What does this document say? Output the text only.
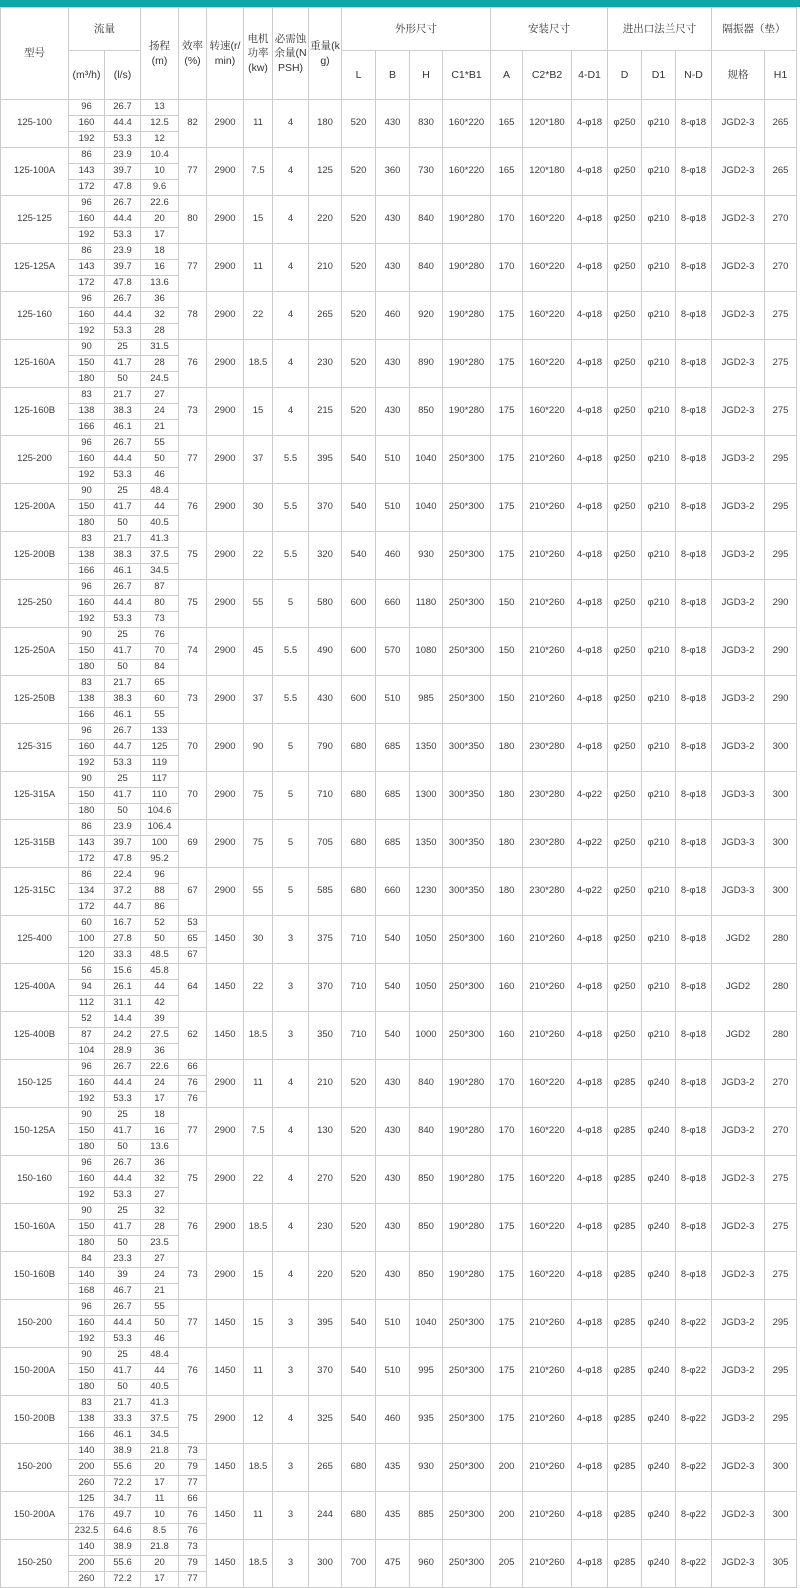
型号	流量		扬程(m)	效率(%)	转速(r/min)	电机功率(kw)	必需蚀余量(NPSH)	重量(kg)	外形尺寸				安装尺寸			进出口法兰尺寸			隔振器（垫）	
	(m³/h)	(l/s)							L	B	H	C1*B1	A	C2*B2	4-D1	D	D1	N-D	规格	H1
125-100	96	26.7	13	82	2900	11	4	180	520	430	830	160*220	165	120*180	4-φ18	φ250	φ210	8-φ18	JGD2-3	265
	160	44.4	12.5																	
	192	53.3	12																	
125-100A	86	23.9	10.4	77	2900	7.5	4	125	520	360	730	160*220	165	120*180	4-φ18	φ250	φ210	8-φ18	JGD2-3	265
	143	39.7	10																	
	172	47.8	9.6																	
125-125	96	26.7	22.6	80	2900	15	4	220	520	430	840	190*280	170	160*220	4-φ18	φ250	φ210	8-φ18	JGD2-3	270
	160	44.4	20																	
	192	53.3	17																	
125-125A	86	23.9	18	77	2900	11	4	210	520	430	840	190*280	170	160*220	4-φ18	φ250	φ210	8-φ18	JGD2-3	270
	143	39.7	16																	
	172	47.8	13.6																	
125-160	96	26.7	36	78	2900	22	4	265	520	460	920	190*280	175	160*220	4-φ18	φ250	φ210	8-φ18	JGD2-3	275
	160	44.4	32																	
	192	53.3	28																	
125-160A	90	25	31.5	76	2900	18.5	4	230	520	430	890	190*280	175	160*220	4-φ18	φ250	φ210	8-φ18	JGD2-3	275
	150	41.7	28																	
	180	50	24.5																	
125-160B	83	21.7	27	73	2900	15	4	215	520	430	850	190*280	175	160*220	4-φ18	φ250	φ210	8-φ18	JGD2-3	275
	138	38.3	24																	
	166	46.1	21																	
125-200	96	26.7	55	77	2900	37	5.5	395	540	510	1040	250*300	175	210*260	4-φ18	φ250	φ210	8-φ18	JGD3-2	295
	160	44.4	50																	
	192	53.3	46																	
125-200A	90	25	48.4	76	2900	30	5.5	370	540	510	1040	250*300	175	210*260	4-φ18	φ250	φ210	8-φ18	JGD3-2	295
	150	41.7	44																	
	180	50	40.5																	
125-200B	83	21.7	41.3	75	2900	22	5.5	320	540	460	930	250*300	175	210*260	4-φ18	φ250	φ210	8-φ18	JGD3-2	295
	138	38.3	37.5																	
	166	46.1	34.5																	
125-250	96	26.7	87	75	2900	55	5	580	600	660	1180	250*300	150	210*260	4-φ18	φ250	φ210	8-φ18	JGD3-2	290
	160	44.4	80																	
	192	53.3	73																	
125-250A	90	25	76	74	2900	45	5.5	490	600	570	1080	250*300	150	210*260	4-φ18	φ250	φ210	8-φ18	JGD3-2	290
	150	41.7	70																	
	180	50	84																	
125-250B	83	21.7	65	73	2900	37	5.5	430	600	510	985	250*300	150	210*260	4-φ18	φ250	φ210	8-φ18	JGD3-2	290
	138	38.3	60																	
	166	46.1	55																	
125-315	96	26.7	133	70	2900	90	5	790	680	685	1350	300*350	180	230*280	4-φ18	φ250	φ210	8-φ18	JGD3-2	300
	160	44.7	125																	
	192	53.3	119																	
125-315A	90	25	117	70	2900	75	5	710	680	685	1300	300*350	180	230*280	4-φ22	φ250	φ210	8-φ18	JGD3-3	300
	150	41.7	110																	
	180	50	104.6																	
125-315B	86	23.9	106.4	69	2900	75	5	705	680	685	1350	300*350	180	230*280	4-φ22	φ250	φ210	8-φ18	JGD3-3	300
	143	39.7	100																	
	172	47.8	95.2																	
125-315C	86	22.4	96	67	2900	55	5	585	680	660	1230	300*350	180	230*280	4-φ22	φ250	φ210	8-φ18	JGD3-3	300
	134	37.2	88																	
	172	44.7	86																	
125-400	60	16.7	52	53	1450	30	3	375	710	540	1050	250*300	160	210*260	4-φ18	φ250	φ210	8-φ18	JGD2	280
	100	27.8	50	65																
	120	33.3	48.5	67																
125-400A	56	15.6	45.8	64	1450	22	3	370	710	540	1050	250*300	160	210*260	4-φ18	φ250	φ210	8-φ18	JGD2	280
	94	26.1	44																	
	112	31.1	42																	
125-400B	52	14.4	39	62	1450	18.5	3	350	710	540	1000	250*300	160	210*260	4-φ18	φ250	φ210	8-φ18	JGD2	280
	87	24.2	27.5																	
	104	28.9	36																	
150-125	96	26.7	22.6	66	2900	11	4	210	520	430	840	190*280	170	160*220	4-φ18	φ285	φ240	8-φ18	JGD3-2	270
	160	44.4	24	76																
	192	53.3	17	76																
150-125A	90	25	18	77	2900	7.5	4	130	520	430	840	190*280	170	160*220	4-φ18	φ285	φ240	8-φ18	JGD3-2	270
	150	41.7	16																	
	180	50	13.6																	
150-160	96	26.7	36	75	2900	22	4	270	520	430	850	190*280	175	160*220	4-φ18	φ285	φ240	8-φ18	JGD2-3	275
	160	44.4	32																	
	192	53.3	27																	
150-160A	90	25	32	76	2900	18.5	4	230	520	430	850	190*280	175	160*220	4-φ18	φ285	φ240	8-φ18	JGD2-3	275
	150	41.7	28																	
	180	50	23.5																	
150-160B	84	23.3	27	73	2900	15	4	220	520	430	850	190*280	175	160*220	4-φ18	φ285	φ240	8-φ18	JGD2-3	275
	140	39	24																	
	168	46.7	21																	
150-200	96	26.7	55	77	1450	15	3	395	540	510	1040	250*300	175	210*260	4-φ18	φ285	φ240	8-φ22	JGD3-2	295
	160	44.4	50																	
	192	53.3	46																	
150-200A	90	25	48.4	76	1450	11	3	370	540	510	995	250*300	175	210*260	4-φ18	φ285	φ240	8-φ22	JGD3-2	295
	150	41.7	44																	
	180	50	40.5																	
150-200B	83	21.7	41.3	75	2900	12	4	325	540	460	935	250*300	175	210*260	4-φ18	φ285	φ240	8-φ22	JGD3-2	295
	138	33.3	37.5																	
	166	46.1	34.5																	
150-200	140	38.9	21.8	73	1450	18.5	3	265	680	435	930	250*300	200	210*260	4-φ18	φ285	φ240	8-φ22	JGD2-3	300
	200	55.6	20	79																
	260	72.2	17	77																
150-200A	125	34.7	11	66	1450	11	3	244	680	435	885	250*300	200	210*260	4-φ18	φ285	φ240	8-φ22	JGD2-3	300
	176	49.7	10	76																
	232.5	64.6	8.5	76																
150-250	140	38.9	21.8	73	1450	18.5	3	300	700	475	960	250*300	205	210*260	4-φ18	φ285	φ240	8-φ22	JGD2-3	305
	200	55.6	20	79																
	260	72.2	17	77																
